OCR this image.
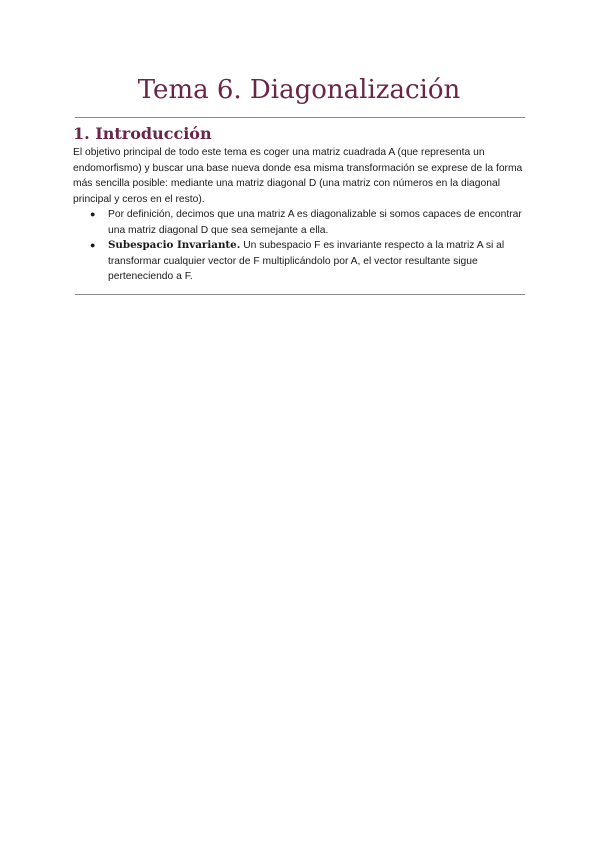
Tema 6. Diagonalización
1. Introducción

El objetivo principal de todo este tema es coger una matriz cuadrada A (que representa un endomorfismo) y buscar una base nueva donde esa misma transformación se exprese de la forma más sencilla posible: mediante una matriz diagonal D (una matriz con números en la diagonal principal y ceros en el resto).

● Por definición, decimos que una matriz A es diagonalizable si somos capaces de encontrar una matriz diagonal D que sea semejante a ella.
● Subespacio Invariante. Un subespacio F es invariante respecto a la matriz A si al transformar cualquier vector de F multiplicándolo por A, el vector resultante sigue perteneciendo a F.
